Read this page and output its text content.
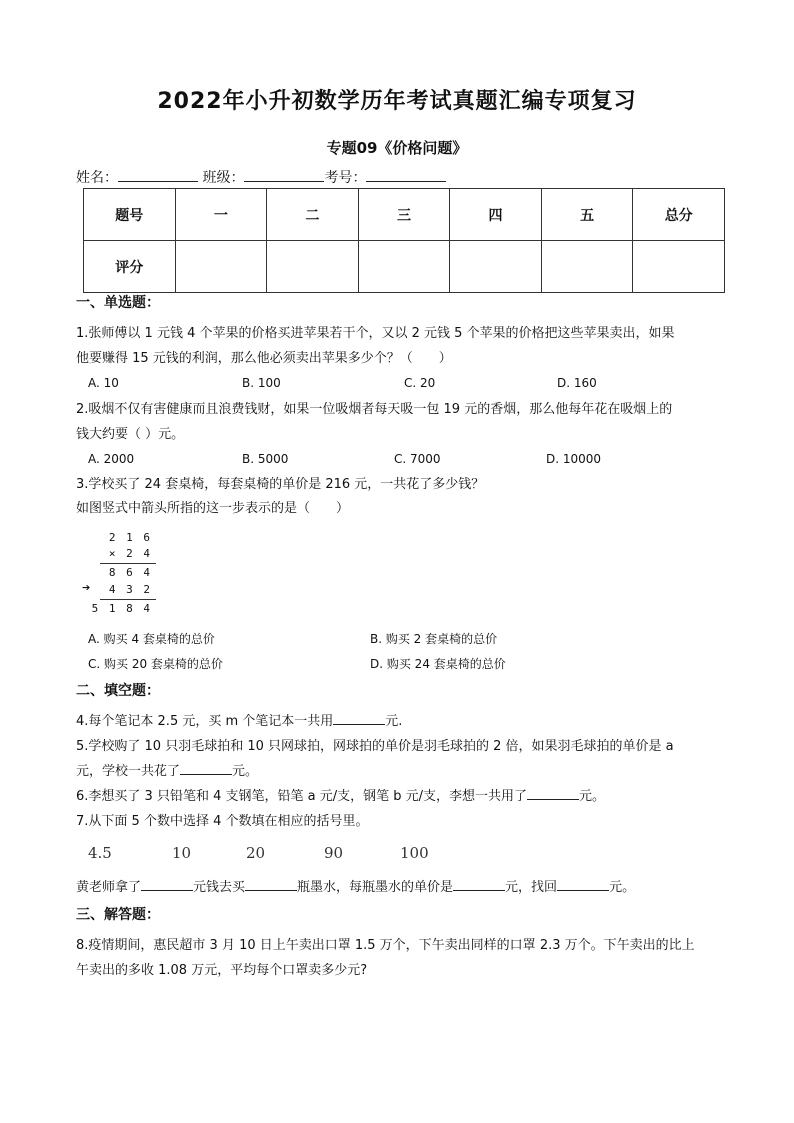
2022年小升初数学历年考试真题汇编专项复习
专题09《价格问题》
姓名：	班级：	考号：
题号	一	二	三	四	五	总分
评分						
一、单选题：
1.张师傅以 1 元钱 4 个苹果的价格买进苹果若干个，又以 2 元钱 5 个苹果的价格把这些苹果卖出，如果
他要赚得 15 元钱的利润，那么他必须卖出苹果多少个？（　　）
A. 10	B. 100	C. 20	D. 160
2.吸烟不仅有害健康而且浪费钱财，如果一位吸烟者每天吸一包 19 元的香烟，那么他每年花在吸烟上的
钱大约要（ ）元。
A. 2000	B. 5000	C. 7000	D. 10000
3.学校买了 24 套桌椅，每套桌椅的单价是 216 元，一共花了多少钱？
如图竖式中箭头所指的这一步表示的是（　　）
2 1 6
× 2 4
8 6 4
4 3 2
➔
5 1 8 4
A. 购买 4 套桌椅的总价	B. 购买 2 套桌椅的总价
C. 购买 20 套桌椅的总价	D. 购买 24 套桌椅的总价
二、填空题：
4.每个笔记本 2.5 元，买 m 个笔记本一共用	元.
5.学校购了 10 只羽毛球拍和 10 只网球拍，网球拍的单价是羽毛球拍的 2 倍，如果羽毛球拍的单价是 a
元，学校一共花了	元。
6.李想买了 3 只铅笔和 4 支钢笔，铅笔 a 元/支，钢笔 b 元/支，李想一共用了	元。
7.从下面 5 个数中选择 4 个数填在相应的括号里。
4.5	10	20	90	100
黄老师拿了	元钱去买	瓶墨水，每瓶墨水的单价是	元，找回	元。
三、解答题：
8.疫情期间，惠民超市 3 月 10 日上午卖出口罩 1.5 万个，下午卖出同样的口罩 2.3 万个。下午卖出的比上
午卖出的多收 1.08 万元，平均每个口罩卖多少元?
